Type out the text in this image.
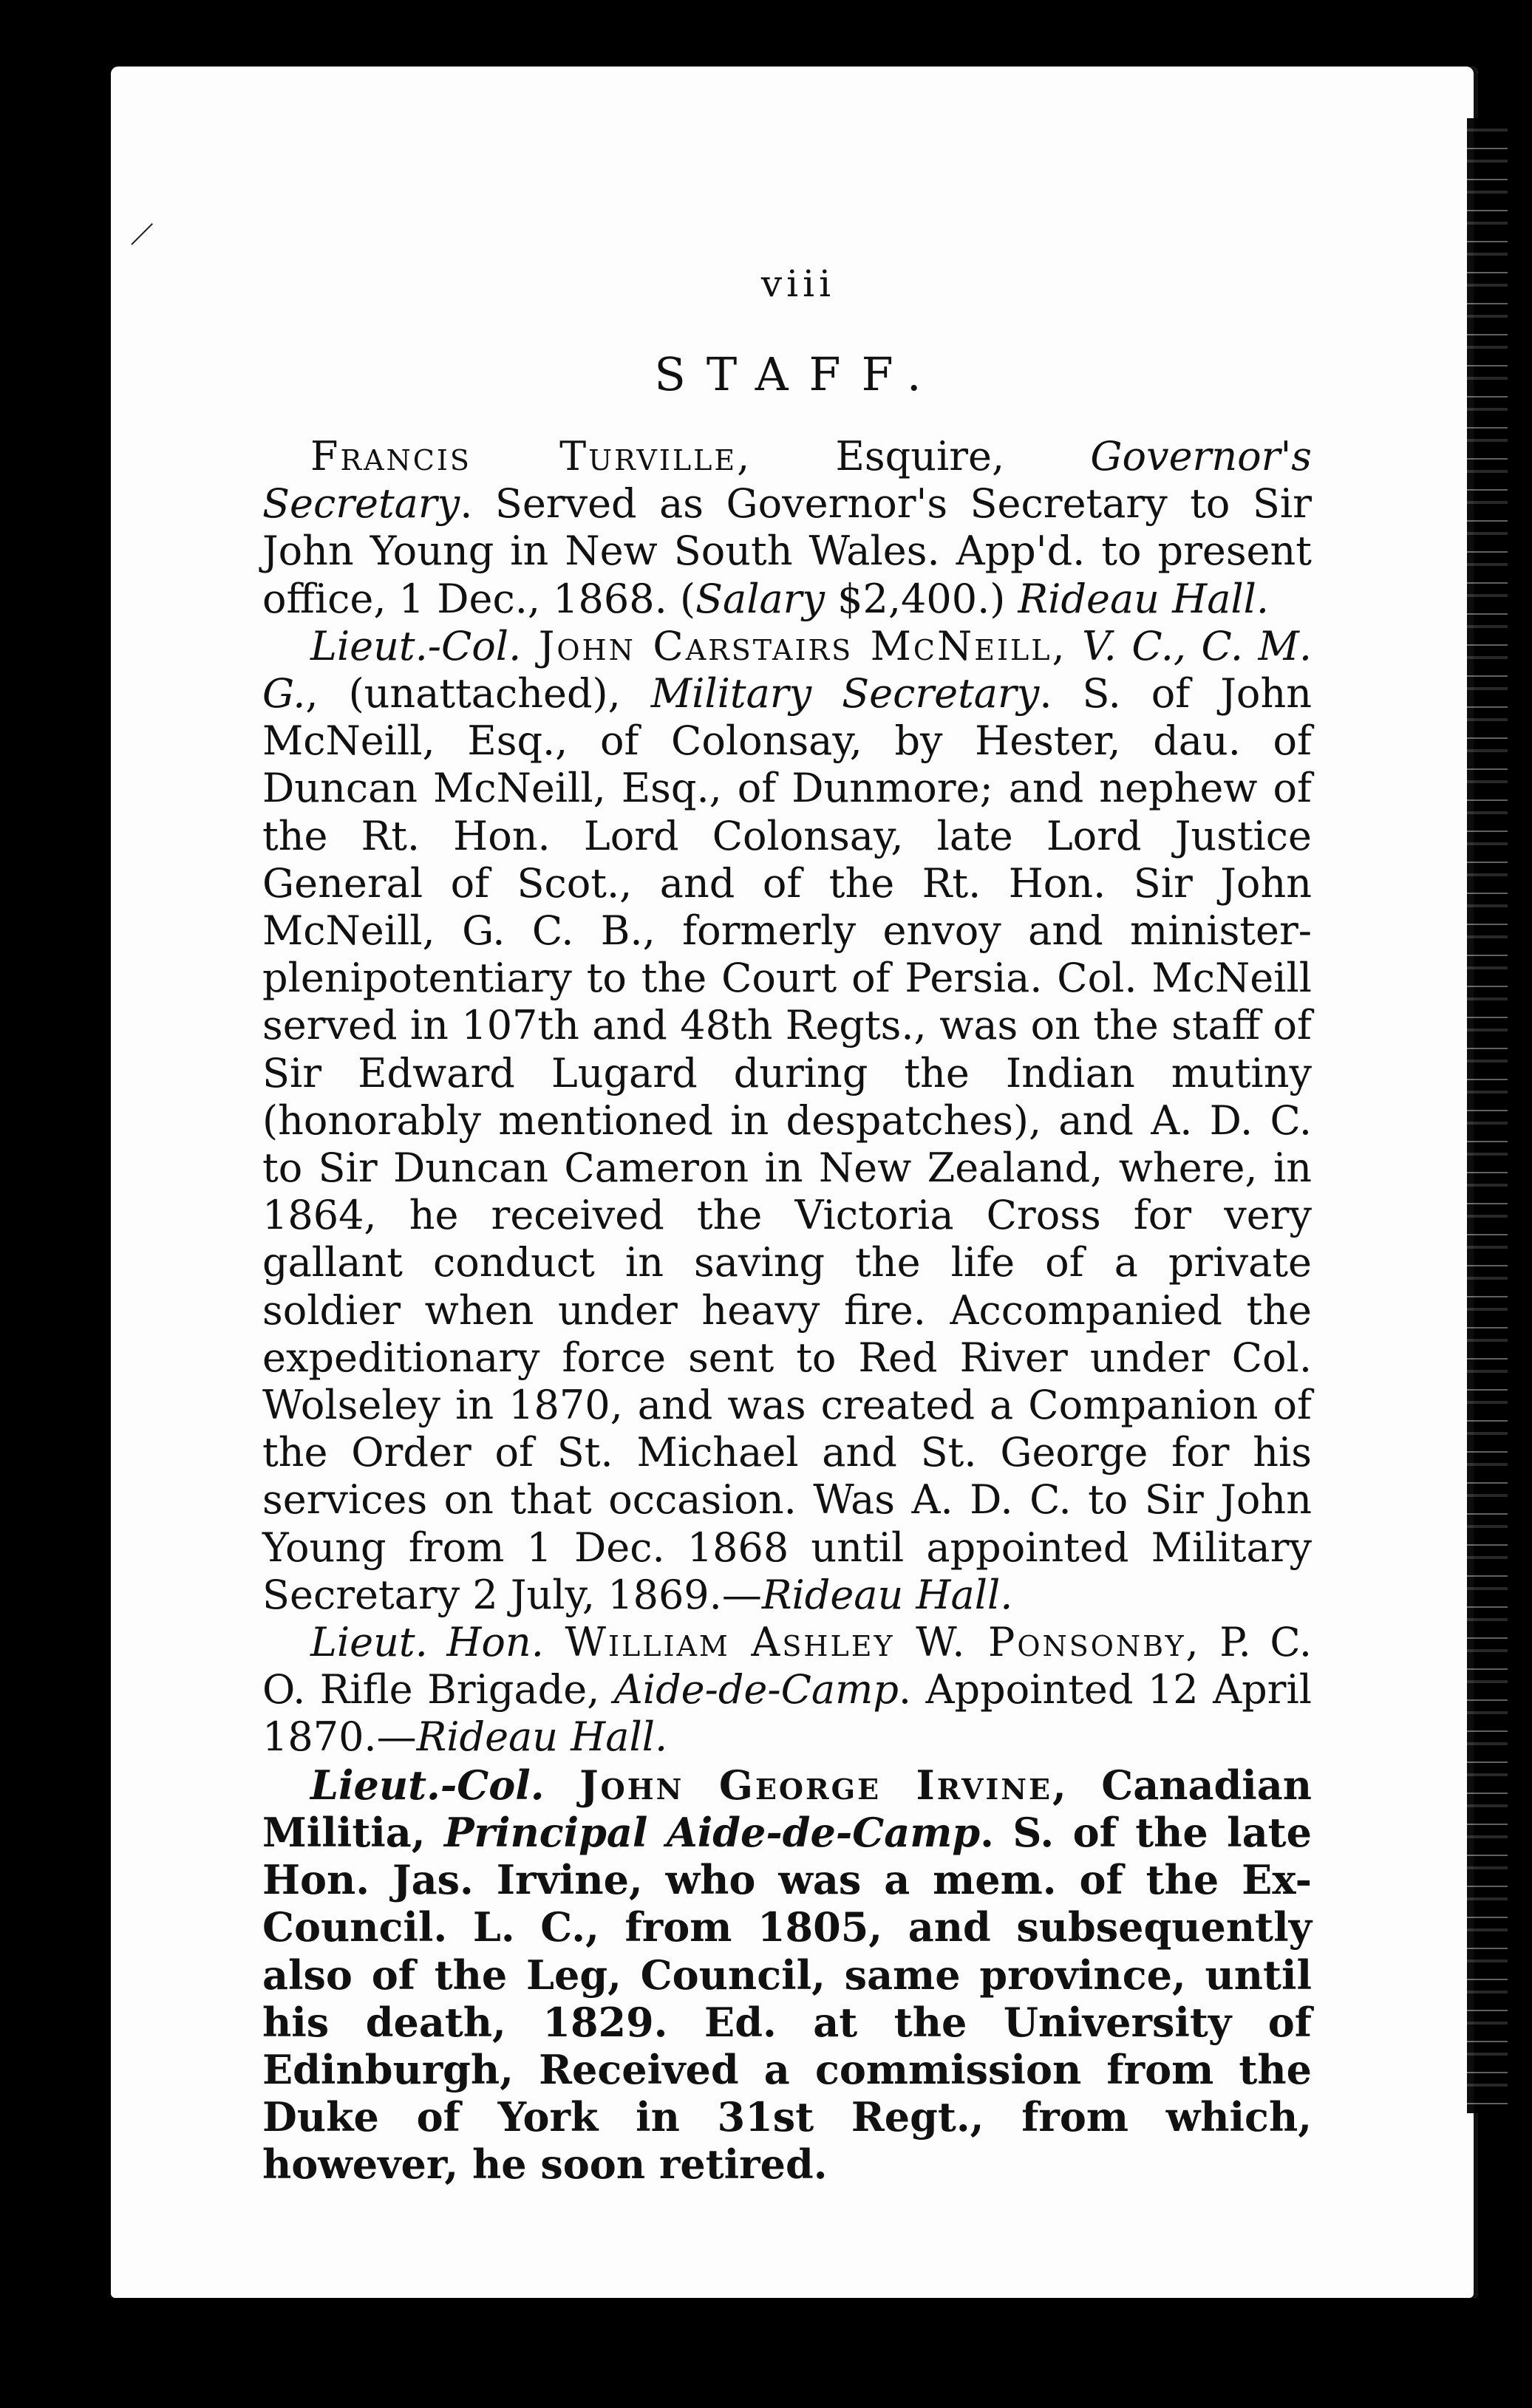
viii
STAFF.

Francis Turville, Esquire, Governor's Secretary. Served as Governor's Secretary to Sir John Young in New South Wales. App'd. to present office, 1 Dec., 1868. (Salary $2,400.) Rideau Hall.

Lieut.-Col. John Carstairs McNeill, V. C., C. M. G., (unattached), Military Secretary. S. of John McNeill, Esq., of Colonsay, by Hester, dau. of Duncan McNeill, Esq., of Dunmore; and nephew of the Rt. Hon. Lord Colonsay, late Lord Justice General of Scot., and of the Rt. Hon. Sir John McNeill, G. C. B., formerly envoy and minister-plenipotentiary to the Court of Persia. Col. McNeill served in 107th and 48th Regts., was on the staff of Sir Edward Lugard during the Indian mutiny (honorably mentioned in despatches), and A. D. C. to Sir Duncan Cameron in New Zealand, where, in 1864, he received the Victoria Cross for very gallant conduct in saving the life of a private soldier when under heavy fire. Accompanied the expeditionary force sent to Red River under Col. Wolseley in 1870, and was created a Companion of the Order of St. Michael and St. George for his services on that occasion. Was A. D. C. to Sir John Young from 1 Dec. 1868 until appointed Military Secretary 2 July, 1869.—Rideau Hall.

Lieut. Hon. William Ashley W. Ponsonby, P. C. O. Rifle Brigade, Aide-de-Camp. Appointed 12 April 1870.—Rideau Hall.

Lieut.-Col. John George Irvine, Canadian Militia, Principal Aide-de-Camp. S. of the late Hon. Jas. Irvine, who was a mem. of the Ex-Council. L. C., from 1805, and subsequently also of the Leg, Council, same province, until his death, 1829. Ed. at the University of Edinburgh, Received a commission from the Duke of York in 31st Regt., from which, however, he soon retired.
